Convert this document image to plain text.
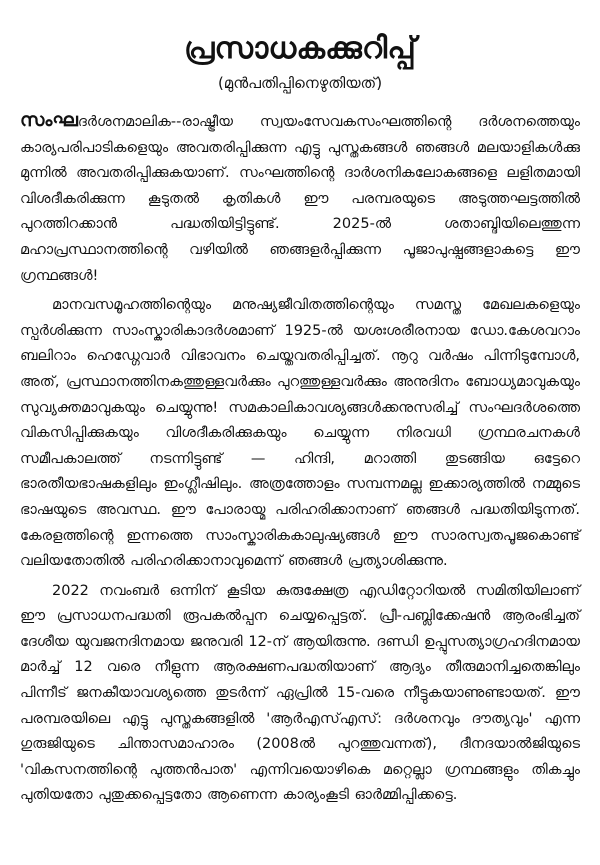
പ്രസാധകക്കുറിപ്പ്
(മുൻപതിപ്പിനെഴുതിയത്)

സംഘദർശനമാലിക--രാഷ്ട്രീയ സ്വയംസേവകസംഘത്തിന്റെ ദർശനത്തെയും കാര്യപരിപാടികളെയും അവതരിപ്പിക്കുന്ന എട്ടു പുസ്തകങ്ങൾ ഞങ്ങൾ മലയാളികൾക്കു മുന്നിൽ അവതരിപ്പിക്കുകയാണ്. സംഘത്തിന്റെ ദാർശനികലോകങ്ങളെ ലളിതമായി വിശദീകരിക്കുന്ന കൂടുതൽ കൃതികൾ ഈ പരമ്പരയുടെ അടുത്തഘട്ടത്തിൽ പുറത്തിറക്കാൻ പദ്ധതിയിട്ടിട്ടുണ്ട്. 2025-ൽ ശതാബ്ദിയിലെത്തുന്ന മഹാപ്രസ്ഥാനത്തിന്റെ വഴിയിൽ ഞങ്ങളർപ്പിക്കുന്ന പൂജാപുഷ്പങ്ങളാകട്ടെ ഈ ഗ്രന്ഥങ്ങൾ!

മാനവസമൂഹത്തിന്റെയും മനുഷ്യജീവിതത്തിന്റെയും സമസ്ത മേഖലകളെയും സ്പർശിക്കുന്ന സാംസ്കാരികാദർശമാണ് 1925-ൽ യശഃശരീരനായ ഡോ.കേശവറാം ബലിറാം ഹെഡ്ഗേവാർ വിഭാവനം ചെയ്തവതരിപ്പിച്ചത്. നൂറു വർഷം പിന്നിടുമ്പോൾ, അത്, പ്രസ്ഥാനത്തിനകത്തുള്ളവർക്കും പുറത്തുള്ളവർക്കും അനുദിനം ബോധ്യമാവുകയും സുവ്യക്തമാവുകയും ചെയ്യുന്നു! സമകാലികാവശ്യങ്ങൾക്കനുസരിച്ച് സംഘദർശത്തെ വികസിപ്പിക്കുകയും വിശദീകരിക്കുകയും ചെയ്യുന്ന നിരവധി ഗ്രന്ഥരചനകൾ സമീപകാലത്ത് നടന്നിട്ടുണ്ട് — ഹിന്ദി, മറാത്തി തുടങ്ങിയ ഒട്ടേറെ ഭാരതീയഭാഷകളിലും ഇംഗ്ലീഷിലും. അത്രത്തോളം സമ്പന്നമല്ല ഇക്കാര്യത്തിൽ നമ്മുടെ ഭാഷയുടെ അവസ്ഥ. ഈ പോരായ്മ പരിഹരിക്കാനാണ് ഞങ്ങൾ പദ്ധതിയിടുന്നത്. കേരളത്തിന്റെ ഇന്നത്തെ സാംസ്കാരികകാലുഷ്യങ്ങൾ ഈ സാരസ്വതപൂജകൊണ്ട് വലിയതോതിൽ പരിഹരിക്കാനാവുമെന്ന് ഞങ്ങൾ പ്രത്യാശിക്കുന്നു.

2022 നവംബർ ഒന്നിന് കൂടിയ കുരുക്ഷേത്ര എഡിറ്റോറിയൽ സമിതിയിലാണ് ഈ പ്രസാധനപദ്ധതി രൂപകൽപ്പന ചെയ്യപ്പെട്ടത്. പ്രീ-പബ്ലിക്കേഷൻ ആരംഭിച്ചത് ദേശീയ യുവജനദിനമായ ജനുവരി 12-ന് ആയിരുന്നു. ദണ്ഡി ഉപ്പുസത്യാഗ്രഹദിനമായ മാർച്ച് 12 വരെ നീളുന്ന ആരക്ഷണപദ്ധതിയാണ് ആദ്യം തീരുമാനിച്ചതെങ്കിലും പിന്നീട് ജനകീയാവശ്യത്തെ തുടർന്ന് ഏപ്രിൽ 15-വരെ നീട്ടുകയാണുണ്ടായത്. ഈ പരമ്പരയിലെ എട്ടു പുസ്തകങ്ങളിൽ 'ആർഎസ്എസ്: ദർശനവും ദൗത്യവും' എന്ന ഗുരുജിയുടെ ചിന്താസമാഹാരം (2008ൽ പുറത്തുവന്നത്), ദീനദയാൽജിയുടെ 'വികസനത്തിന്റെ പുത്തൻപാത' എന്നിവയൊഴികെ മറ്റെല്ലാ ഗ്രന്ഥങ്ങളും തികച്ചും പുതിയതോ പുതുക്കപ്പെട്ടതോ ആണെന്ന കാര്യംകൂടി ഓർമ്മിപ്പിക്കട്ടെ.
